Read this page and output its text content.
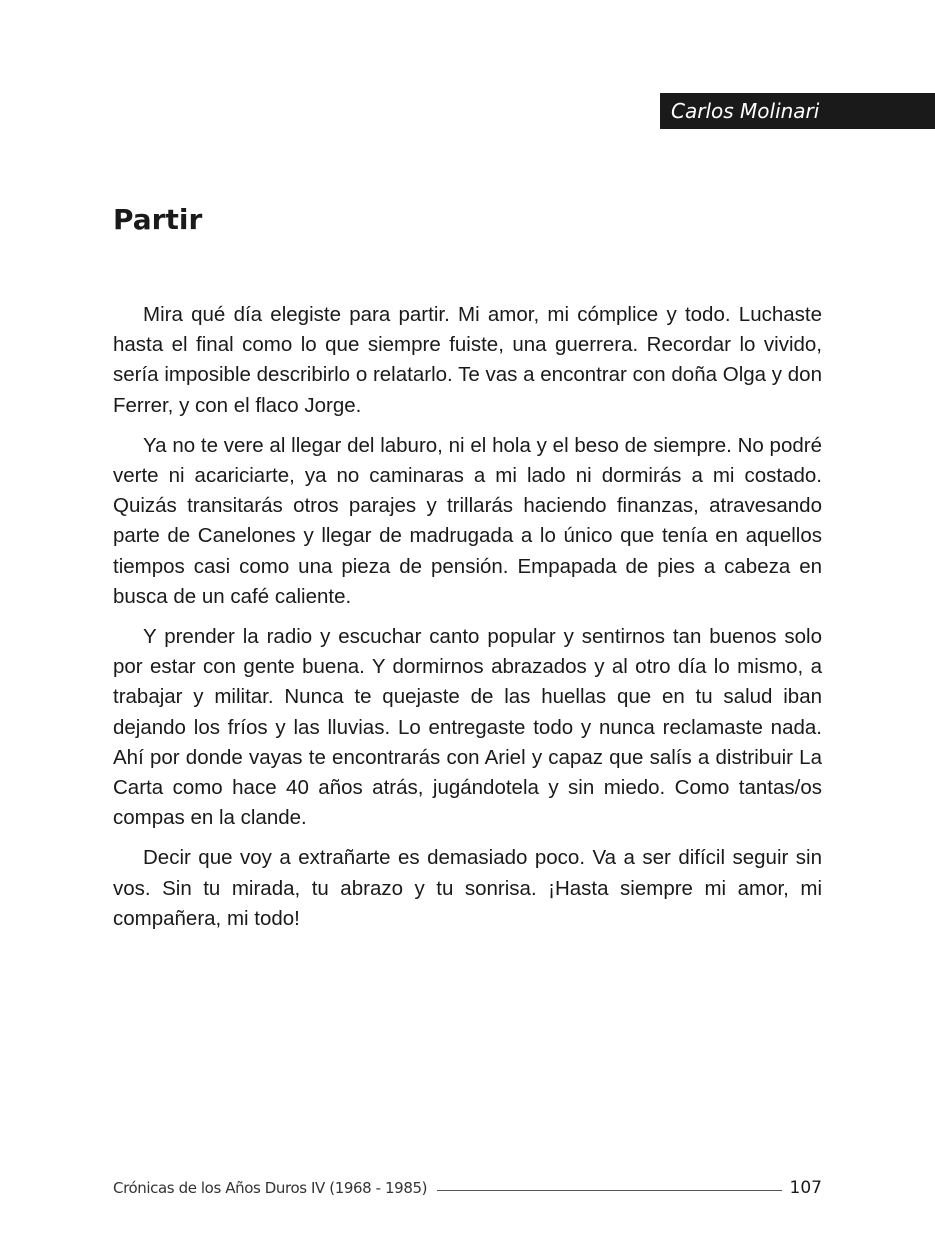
Carlos Molinari
Partir

Mira qué día elegiste para partir. Mi amor, mi cómplice y todo. Luchaste hasta el final como lo que siempre fuiste, una guerrera. Recordar lo vivido, sería imposible describirlo o relatarlo. Te vas a encontrar con doña Olga y don Ferrer, y con el flaco Jorge.

Ya no te vere al llegar del laburo, ni el hola y el beso de siempre. No podré verte ni acariciarte, ya no caminaras a mi lado ni dormirás a mi costado. Quizás transitarás otros parajes y trillarás haciendo finanzas, atravesando parte de Canelones y llegar de madrugada a lo único que tenía en aquellos tiempos casi como una pieza de pensión. Empapada de pies a cabeza en busca de un café caliente.

Y prender la radio y escuchar canto popular y sentirnos tan buenos solo por estar con gente buena. Y dormirnos abrazados y al otro día lo mismo, a trabajar y militar. Nunca te quejaste de las huellas que en tu salud iban dejando los fríos y las lluvias. Lo entregaste todo y nunca reclamaste nada. Ahí por donde vayas te encontrarás con Ariel y capaz que salís a distribuir La Carta como hace 40 años atrás, jugándotela y sin miedo. Como tantas/os compas en la clande.

Decir que voy a extrañarte es demasiado poco. Va a ser difícil seguir sin vos. Sin tu mirada, tu abrazo y tu sonrisa. ¡Hasta siempre mi amor, mi compañera, mi todo!

Crónicas de los Años Duros IV (1968 - 1985)	107
